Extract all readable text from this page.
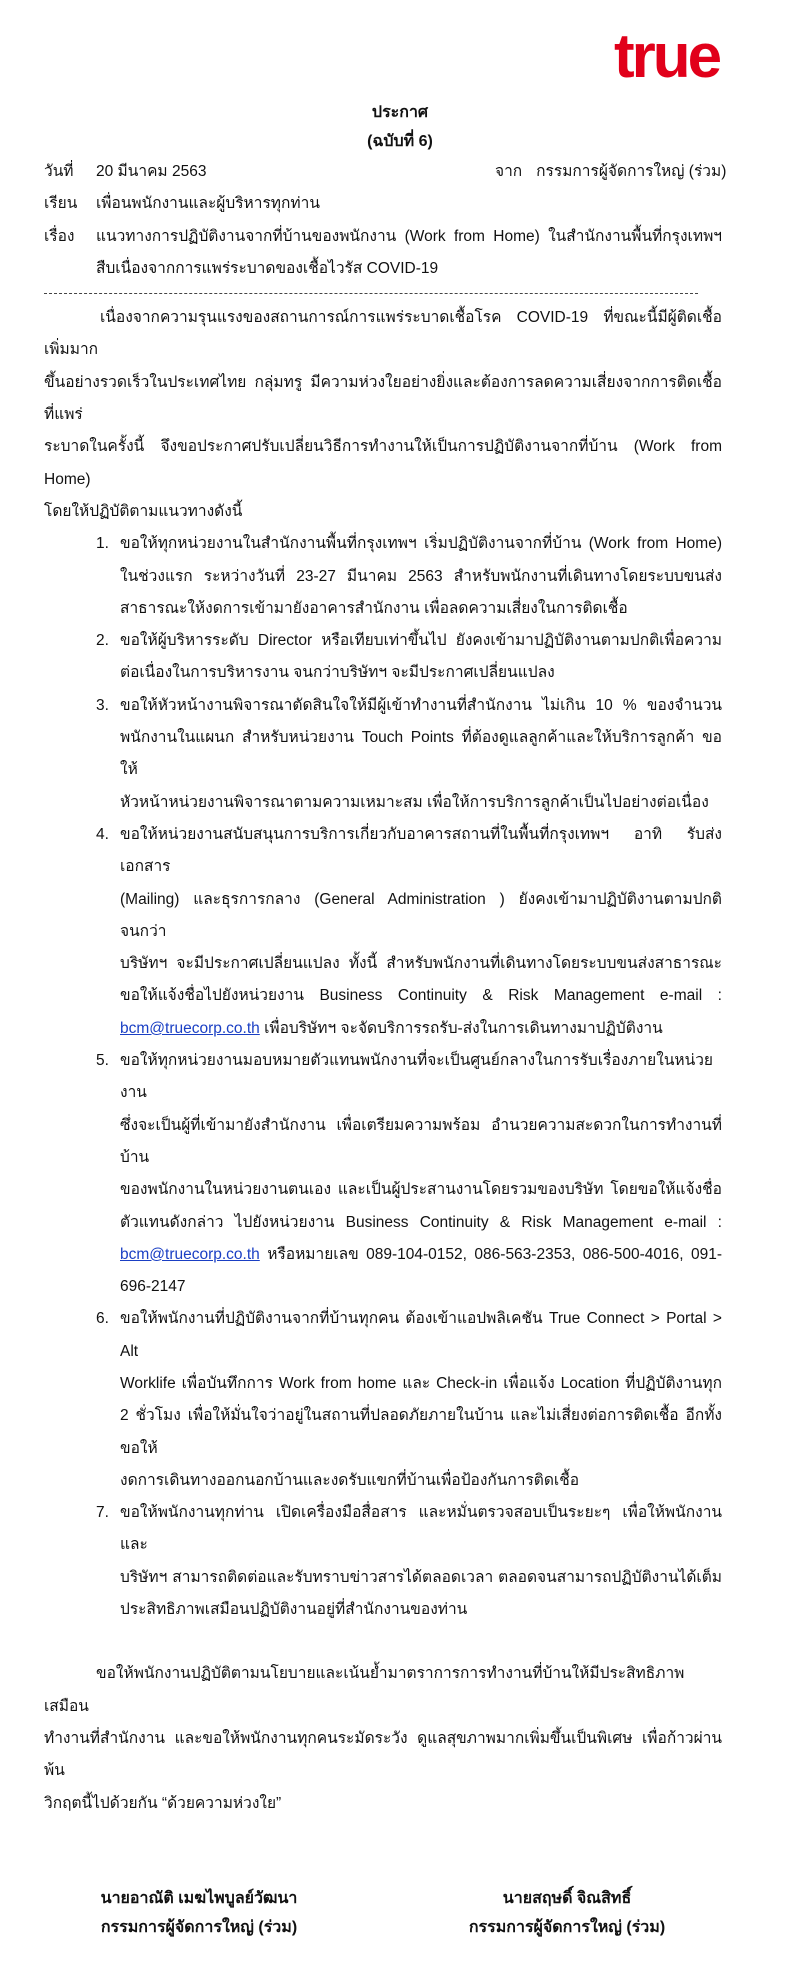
true
ประกาศ
(ฉบับที่ 6)
วันที่ 20 มีนาคม 2563	จาก กรรมการผู้จัดการใหญ่ (ร่วม)
เรียน เพื่อนพนักงานและผู้บริหารทุกท่าน
เรื่อง แนวทางการปฏิบัติงานจากที่บ้านของพนักงาน (Work from Home) ในสำนักงานพื้นที่กรุงเทพฯ
สืบเนื่องจากการแพร่ระบาดของเชื้อไวรัส COVID-19
เนื่องจากความรุนแรงของสถานการณ์การแพร่ระบาดเชื้อโรค COVID-19 ที่ขณะนี้มีผู้ติดเชื้อเพิ่มมาก
ขึ้นอย่างรวดเร็วในประเทศไทย กลุ่มทรู มีความห่วงใยอย่างยิ่งและต้องการลดความเสี่ยงจากการติดเชื้อที่แพร่
ระบาดในครั้งนี้ จึงขอประกาศปรับเปลี่ยนวิธีการทำงานให้เป็นการปฏิบัติงานจากที่บ้าน (Work from Home)
โดยให้ปฏิบัติตามแนวทางดังนี้
1. ขอให้ทุกหน่วยงานในสำนักงานพื้นที่กรุงเทพฯ เริ่มปฏิบัติงานจากที่บ้าน (Work from Home)
ในช่วงแรก ระหว่างวันที่ 23-27 มีนาคม 2563 สำหรับพนักงานที่เดินทางโดยระบบขนส่ง
สาธารณะให้งดการเข้ามายังอาคารสำนักงาน เพื่อลดความเสี่ยงในการติดเชื้อ
2. ขอให้ผู้บริหารระดับ Director หรือเทียบเท่าขึ้นไป ยังคงเข้ามาปฏิบัติงานตามปกติเพื่อความ
ต่อเนื่องในการบริหารงาน จนกว่าบริษัทฯ จะมีประกาศเปลี่ยนแปลง
3. ขอให้หัวหน้างานพิจารณาตัดสินใจให้มีผู้เข้าทำงานที่สำนักงาน ไม่เกิน 10 % ของจำนวน
พนักงานในแผนก สำหรับหน่วยงาน Touch Points ที่ต้องดูแลลูกค้าและให้บริการลูกค้า ขอให้
หัวหน้าหน่วยงานพิจารณาตามความเหมาะสม เพื่อให้การบริการลูกค้าเป็นไปอย่างต่อเนื่อง
4. ขอให้หน่วยงานสนับสนุนการบริการเกี่ยวกับอาคารสถานที่ในพื้นที่กรุงเทพฯ อาทิ รับส่งเอกสาร
(Mailing) และธุรการกลาง (General Administration ) ยังคงเข้ามาปฏิบัติงานตามปกติ จนกว่า
บริษัทฯ จะมีประกาศเปลี่ยนแปลง ทั้งนี้ สำหรับพนักงานที่เดินทางโดยระบบขนส่งสาธารณะ
ขอให้แจ้งชื่อไปยังหน่วยงาน Business Continuity & Risk Management e-mail :
bcm@truecorp.co.th เพื่อบริษัทฯ จะจัดบริการรถรับ-ส่งในการเดินทางมาปฏิบัติงาน
5. ขอให้ทุกหน่วยงานมอบหมายตัวแทนพนักงานที่จะเป็นศูนย์กลางในการรับเรื่องภายในหน่วยงาน
ซึ่งจะเป็นผู้ที่เข้ามายังสำนักงาน เพื่อเตรียมความพร้อม อำนวยความสะดวกในการทำงานที่บ้าน
ของพนักงานในหน่วยงานตนเอง และเป็นผู้ประสานงานโดยรวมของบริษัท โดยขอให้แจ้งชื่อ
ตัวแทนดังกล่าว ไปยังหน่วยงาน Business Continuity & Risk Management e-mail :
bcm@truecorp.co.th หรือหมายเลข 089-104-0152, 086-563-2353, 086-500-4016, 091-
696-2147
6. ขอให้พนักงานที่ปฏิบัติงานจากที่บ้านทุกคน ต้องเข้าแอปพลิเคชัน True Connect > Portal > Alt
Worklife เพื่อบันทึกการ Work from home และ Check-in เพื่อแจ้ง Location ที่ปฏิบัติงานทุก
2 ชั่วโมง เพื่อให้มั่นใจว่าอยู่ในสถานที่ปลอดภัยภายในบ้าน และไม่เสี่ยงต่อการติดเชื้อ อีกทั้งขอให้
งดการเดินทางออกนอกบ้านและงดรับแขกที่บ้านเพื่อป้องกันการติดเชื้อ
7. ขอให้พนักงานทุกท่าน เปิดเครื่องมือสื่อสาร และหมั่นตรวจสอบเป็นระยะๆ เพื่อให้พนักงานและ
บริษัทฯ สามารถติดต่อและรับทราบข่าวสารได้ตลอดเวลา ตลอดจนสามารถปฏิบัติงานได้เต็ม
ประสิทธิภาพเสมือนปฏิบัติงานอยู่ที่สำนักงานของท่าน
ขอให้พนักงานปฏิบัติตามนโยบายและเน้นย้ำมาตราการการทำงานที่บ้านให้มีประสิทธิภาพเสมือน
ทำงานที่สำนักงาน และขอให้พนักงานทุกคนระมัดระวัง ดูแลสุขภาพมากเพิ่มขึ้นเป็นพิเศษ เพื่อก้าวผ่านพ้น
วิกฤตนี้ไปด้วยกัน “ด้วยความห่วงใย”
นายอาณัติ เมฆไพบูลย์วัฒนา
กรรมการผู้จัดการใหญ่ (ร่วม)
นายสฤษดิ์ จิณสิทธิ์
กรรมการผู้จัดการใหญ่ (ร่วม)
